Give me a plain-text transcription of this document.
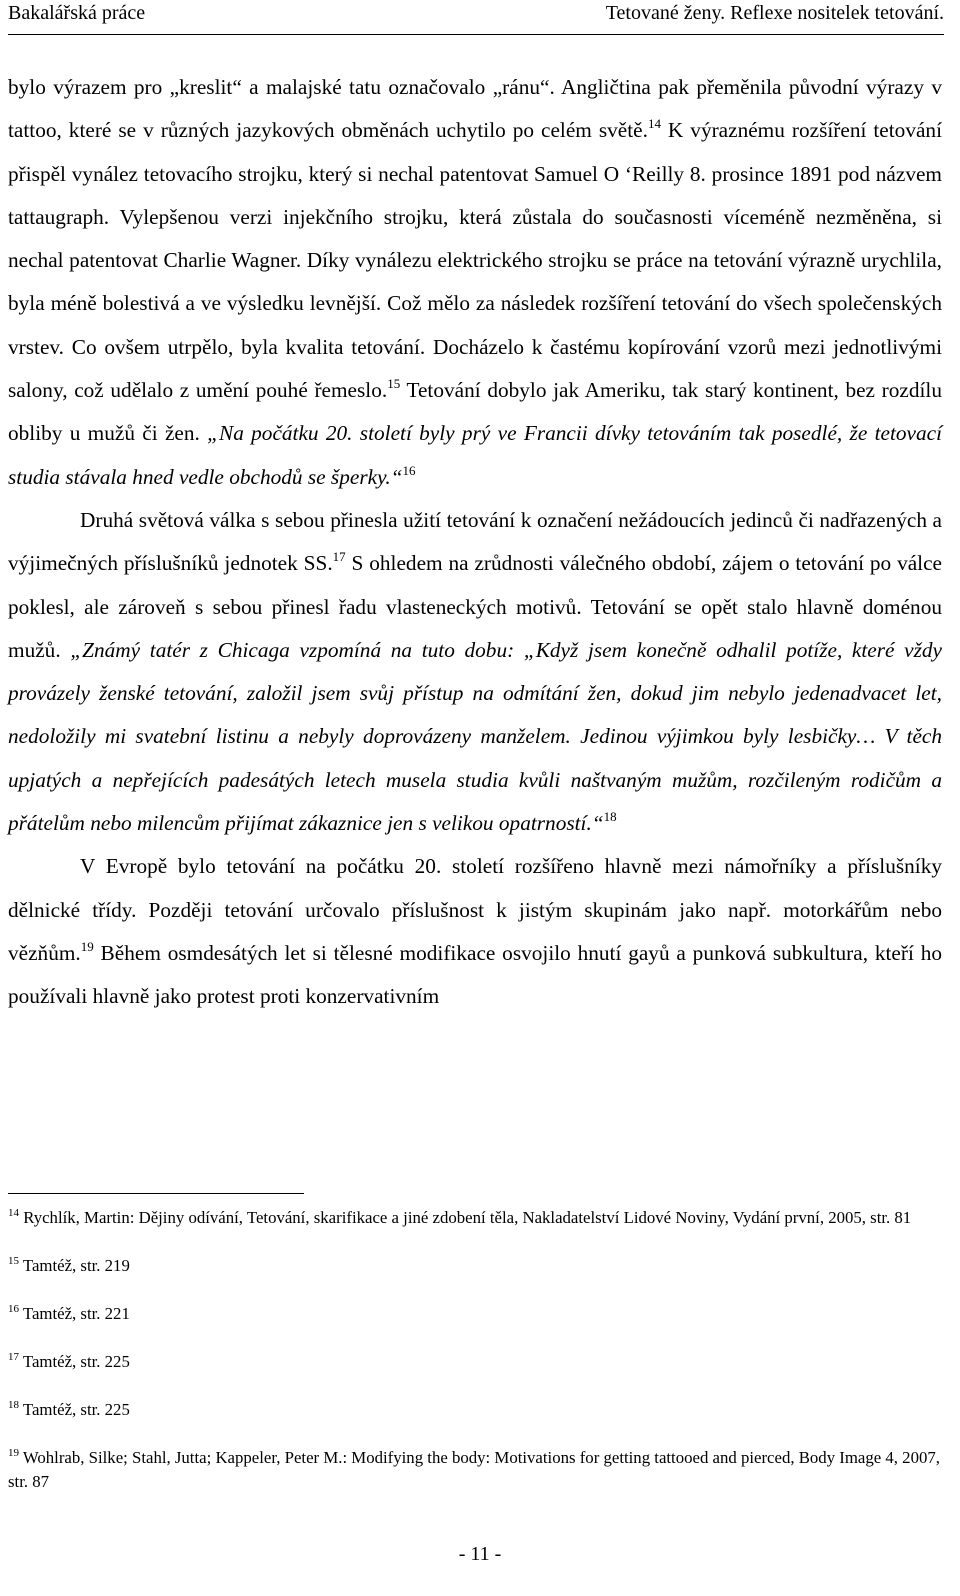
Bakalářská práce	Tetované ženy. Reflexe nositelek tetování.

bylo výrazem pro „kreslit“ a malajské tatu označovalo „ránu“. Angličtina pak přeměnila původní výrazy v tattoo, které se v různých jazykových obměnách uchytilo po celém světě.$^{14}$ K výraznému rozšíření tetování přispěl vynález tetovacího strojku, který si nechal patentovat Samuel O ‘Reilly 8. prosince 1891 pod názvem tattaugraph. Vylepšenou verzi injekčního strojku, která zůstala do současnosti víceméně nezměněna, si nechal patentovat Charlie Wagner. Díky vynálezu elektrického strojku se práce na tetování výrazně urychlila, byla méně bolestivá a ve výsledku levnější. Což mělo za následek rozšíření tetování do všech společenských vrstev. Co ovšem utrpělo, byla kvalita tetování. Docházelo k častému kopírování vzorů mezi jednotlivými salony, což udělalo z umění pouhé řemeslo.$^{15}$ Tetování dobylo jak Ameriku, tak starý kontinent, bez rozdílu obliby u mužů či žen. „Na počátku 20. století byly prý ve Francii dívky tetováním tak posedlé, že tetovací studia stávala hned vedle obchodů se šperky.“$^{16}$

Druhá světová válka s sebou přinesla užití tetování k označení nežádoucích jedinců či nadřazených a výjimečných příslušníků jednotek SS.$^{17}$ S ohledem na zrůdnosti válečného období, zájem o tetování po válce poklesl, ale zároveň s sebou přinesl řadu vlasteneckých motivů. Tetování se opět stalo hlavně doménou mužů. „Známý tatér z Chicaga vzpomíná na tuto dobu: „Když jsem konečně odhalil potíže, které vždy provázely ženské tetování, založil jsem svůj přístup na odmítání žen, dokud jim nebylo jedenadvacet let, nedoložily mi svatební listinu a nebyly doprovázeny manželem. Jedinou výjimkou byly lesbičky… V těch upjatých a nepřejících padesátých letech musela studia kvůli naštvaným mužům, rozčileným rodičům a přátelům nebo milencům přijímat zákaznice jen s velikou opatrností.“$^{18}$

V Evropě bylo tetování na počátku 20. století rozšířeno hlavně mezi námořníky a příslušníky dělnické třídy. Později tetování určovalo příslušnost k jistým skupinám jako např. motorkářům nebo vězňům.$^{19}$ Během osmdesátých let si tělesné modifikace osvojilo hnutí gayů a punková subkultura, kteří ho používali hlavně jako protest proti konzervativním

$^{14}$ Rychlík, Martin: Dějiny odívání, Tetování, skarifikace a jiné zdobení těla, Nakladatelství Lidové Noviny, Vydání první, 2005, str. 81

$^{15}$ Tamtéž, str. 219

$^{16}$ Tamtéž, str. 221

$^{17}$ Tamtéž, str. 225

$^{18}$ Tamtéž, str. 225

$^{19}$ Wohlrab, Silke; Stahl, Jutta; Kappeler, Peter M.: Modifying the body: Motivations for getting tattooed and pierced, Body Image 4, 2007, str. 87

- 11 -
